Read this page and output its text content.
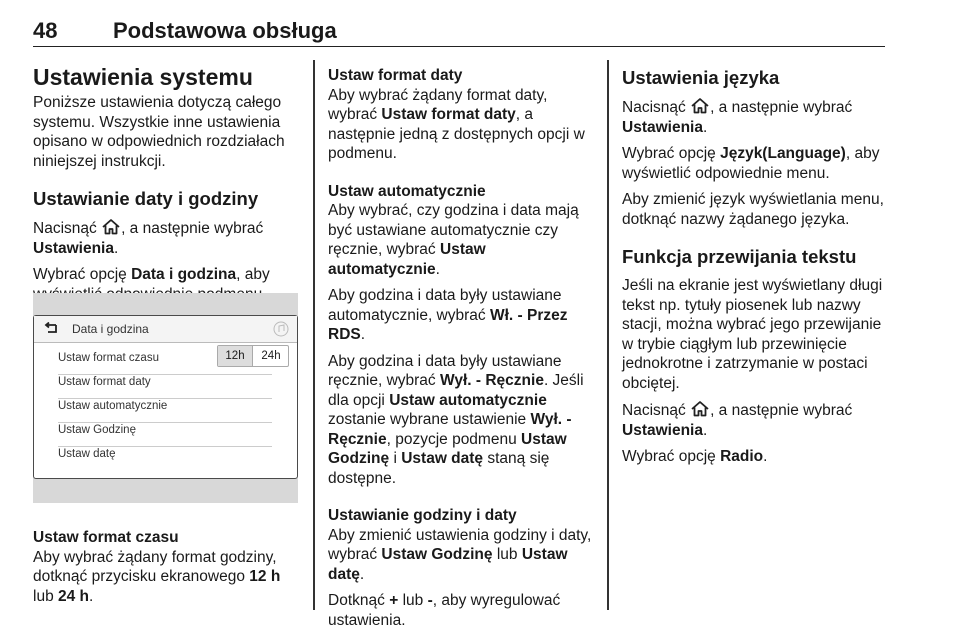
48	Podstawowa obsługa
Ustawienia systemu

Poniższe ustawienia dotyczą całego systemu. Wszystkie inne ustawienia opisano w odpowiednich rozdziałach niniejszej instrukcji.

Ustawianie daty i godziny

Nacisnąć , a następnie wybrać Ustawienia.

Wybrać opcję Data i godzina, aby

Data i godzina
Ustaw format czasu
Ustaw format daty
Ustaw automatycznie
Ustaw Godzinę
Ustaw datę
12h	24h
Ustaw format czasu

Aby wybrać żądany format godziny, dotknąć przycisku ekranowego 12 h lub 24 h.

Ustaw format daty

Aby wybrać żądany format daty, wybrać Ustaw format daty, a następnie jedną z dostępnych opcji w podmenu.

Ustaw automatycznie

Aby wybrać, czy godzina i data mają być ustawiane automatycznie czy ręcznie, wybrać Ustaw automatycznie.

Aby godzina i data były ustawiane automatycznie, wybrać Wł. - Przez RDS.

Aby godzina i data były ustawiane ręcznie, wybrać Wył. - Ręcznie. Jeśli dla opcji Ustaw automatycznie zostanie wybrane ustawienie Wył. - Ręcznie, pozycje podmenu Ustaw Godzinę i Ustaw datę staną się dostępne.

Ustawianie godziny i daty

Aby zmienić ustawienia godziny i daty, wybrać Ustaw Godzinę lub Ustaw datę.

Dotknąć + lub -, aby wyregulować ustawienia.

Ustawienia języka

Nacisnąć , a następnie wybrać Ustawienia.

Wybrać opcję Język(Language), aby wyświetlić odpowiednie menu.

Aby zmienić język wyświetlania menu, dotknąć nazwy żądanego języka.

Funkcja przewijania tekstu

Jeśli na ekranie jest wyświetlany długi tekst np. tytuły piosenek lub nazwy stacji, można wybrać jego przewijanie w trybie ciągłym lub przewinięcie jednokrotne i zatrzymanie w postaci obciętej.

Nacisnąć , a następnie wybrać Ustawienia.

Wybrać opcję Radio.
